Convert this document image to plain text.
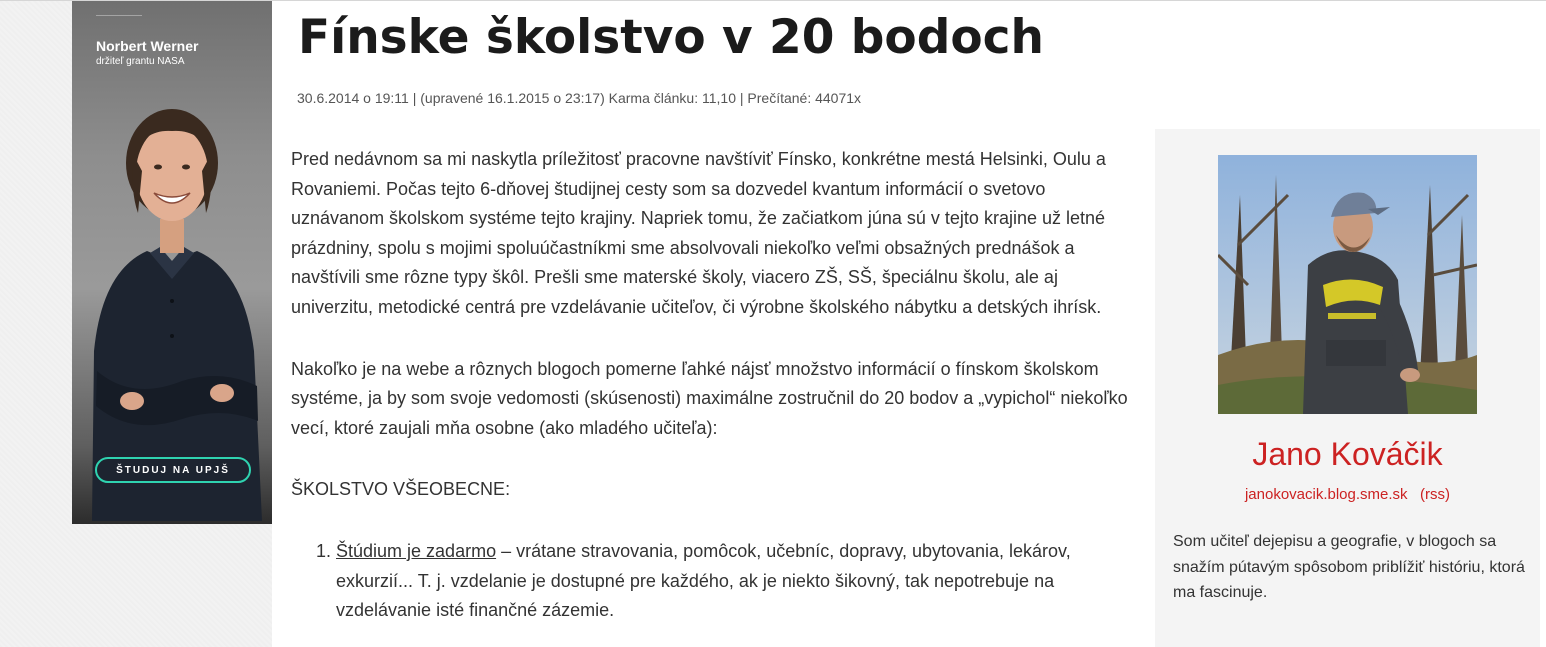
Norbert Werner
držiteľ grantu NASA
ŠTUDUJ NA UPJŠ
Fínske školstvo v 20 bodoch
30.6.2014 o 19:11 | (upravené 16.1.2015 o 23:17) Karma článku: 11,10 | Prečítané: 44071x

Pred nedávnom sa mi naskytla príležitosť pracovne navštíviť Fínsko, konkrétne mestá Helsinki, Oulu a Rovaniemi. Počas tejto 6-dňovej študijnej cesty som sa dozvedel kvantum informácií o svetovo uznávanom školskom systéme tejto krajiny. Napriek tomu, že začiatkom júna sú v tejto krajine už letné prázdniny, spolu s mojimi spoluúčastníkmi sme absolvovali niekoľko veľmi obsažných prednášok a navštívili sme rôzne typy škôl. Prešli sme materské školy, viacero ZŠ, SŠ, špeciálnu školu, ale aj univerzitu, metodické centrá pre vzdelávanie učiteľov, či výrobne školského nábytku a detských ihrísk.

Nakoľko je na webe a rôznych blogoch pomerne ľahké nájsť množstvo informácií o fínskom školskom systéme, ja by som svoje vedomosti (skúsenosti) maximálne zostručnil do 20 bodov a „vypichol“ niekoľko vecí, ktoré zaujali mňa osobne (ako mladého učiteľa):

ŠKOLSTVO VŠEOBECNE:

1. Štúdium je zadarmo – vrátane stravovania, pomôcok, učebníc, dopravy, ubytovania, lekárov, exkurzií... T. j. vzdelanie je dostupné pre každého, ak je niekto šikovný, tak nepotrebuje na vzdelávanie isté finančné zázemie.
Jano Kováčik
janokovacik.blog.sme.sk (rss)
Som učiteľ dejepisu a geografie, v blogoch sa snažím pútavým spôsobom priblížiť históriu, ktorá ma fascinuje.
